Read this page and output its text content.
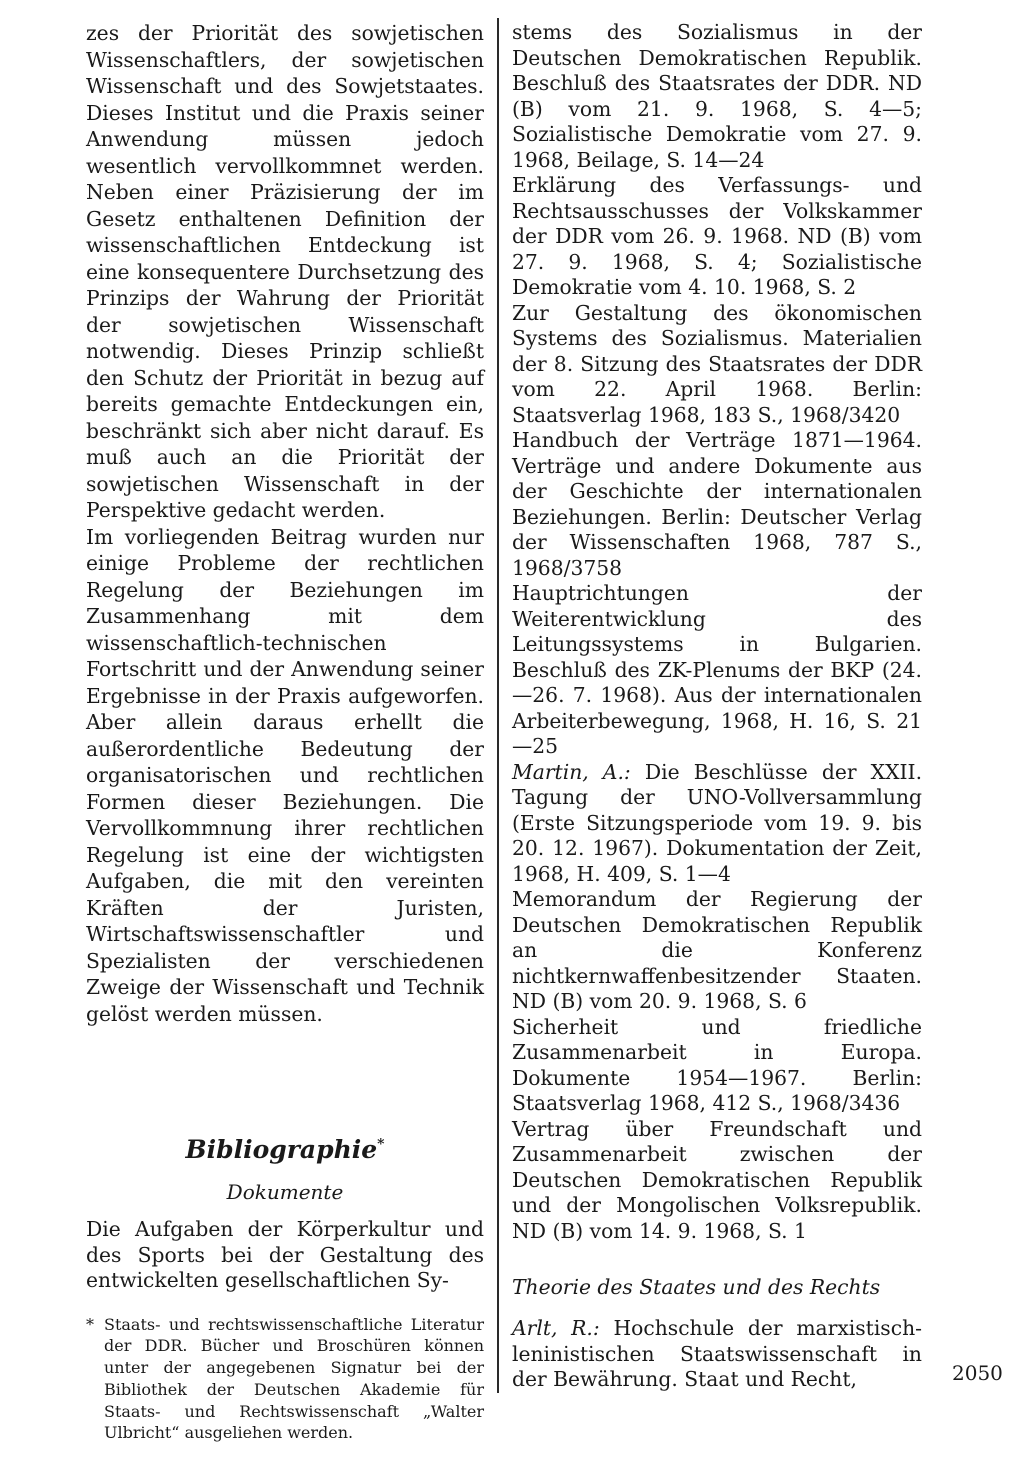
zes der Priorität des sowjetischen Wissenschaftlers, der sowjetischen Wissenschaft und des Sowjetstaates. Dieses Institut und die Praxis seiner Anwendung müssen jedoch wesentlich vervollkommnet werden. Neben einer Präzisierung der im Gesetz enthaltenen Definition der wissenschaftlichen Entdeckung ist eine konsequentere Durchsetzung des Prinzips der Wahrung der Priorität der sowjetischen Wissenschaft notwendig. Dieses Prinzip schließt den Schutz der Priorität in bezug auf bereits gemachte Entdeckungen ein, beschränkt sich aber nicht darauf. Es muß auch an die Priorität der sowjetischen Wissenschaft in der Perspektive gedacht werden.

Im vorliegenden Beitrag wurden nur einige Probleme der rechtlichen Regelung der Beziehungen im Zusammenhang mit dem wissenschaftlich-technischen Fortschritt und der Anwendung seiner Ergebnisse in der Praxis aufgeworfen. Aber allein daraus erhellt die außerordentliche Bedeutung der organisatorischen und rechtlichen Formen dieser Beziehungen. Die Vervollkommnung ihrer rechtlichen Regelung ist eine der wichtigsten Aufgaben, die mit den vereinten Kräften der Juristen, Wirtschaftswissenschaftler und Spezialisten der verschiedenen Zweige der Wissenschaft und Technik gelöst werden müssen.

Bibliographie*
Dokumente

Die Aufgaben der Körperkultur und des Sports bei der Gestaltung des entwickelten gesellschaftlichen Sy-

* Staats- und rechtswissenschaftliche Literatur der DDR. Bücher und Broschüren können unter der angegebenen Signatur bei der Bibliothek der Deutschen Akademie für Staats- und Rechtswissenschaft „Walter Ulbricht“ ausgeliehen werden.

stems des Sozialismus in der Deutschen Demokratischen Republik. Beschluß des Staatsrates der DDR. ND (B) vom 21. 9. 1968, S. 4—5; Sozialistische Demokratie vom 27. 9. 1968, Beilage, S. 14—24

Erklärung des Verfassungs- und Rechtsausschusses der Volkskammer der DDR vom 26. 9. 1968. ND (B) vom 27. 9. 1968, S. 4; Sozialistische Demokratie vom 4. 10. 1968, S. 2

Zur Gestaltung des ökonomischen Systems des Sozialismus. Materialien der 8. Sitzung des Staatsrates der DDR vom 22. April 1968. Berlin: Staatsverlag 1968, 183 S., 1968/3420

Handbuch der Verträge 1871—1964. Verträge und andere Dokumente aus der Geschichte der internationalen Beziehungen. Berlin: Deutscher Verlag der Wissenschaften 1968, 787 S., 1968/3758

Hauptrichtungen der Weiterentwicklung des Leitungssystems in Bulgarien. Beschluß des ZK-Plenums der BKP (24.—26. 7. 1968). Aus der internationalen Arbeiterbewegung, 1968, H. 16, S. 21—25

Martin, A.: Die Beschlüsse der XXII. Tagung der UNO-Vollversammlung (Erste Sitzungsperiode vom 19. 9. bis 20. 12. 1967). Dokumentation der Zeit, 1968, H. 409, S. 1—4

Memorandum der Regierung der Deutschen Demokratischen Republik an die Konferenz nichtkernwaffenbesitzender Staaten. ND (B) vom 20. 9. 1968, S. 6

Sicherheit und friedliche Zusammenarbeit in Europa. Dokumente 1954—1967. Berlin: Staatsverlag 1968, 412 S., 1968/3436

Vertrag über Freundschaft und Zusammenarbeit zwischen der Deutschen Demokratischen Republik und der Mongolischen Volksrepublik. ND (B) vom 14. 9. 1968, S. 1

Theorie des Staates und des Rechts

Arlt, R.: Hochschule der marxistisch-leninistischen Staatswissenschaft in der Bewährung. Staat und Recht,	2050
